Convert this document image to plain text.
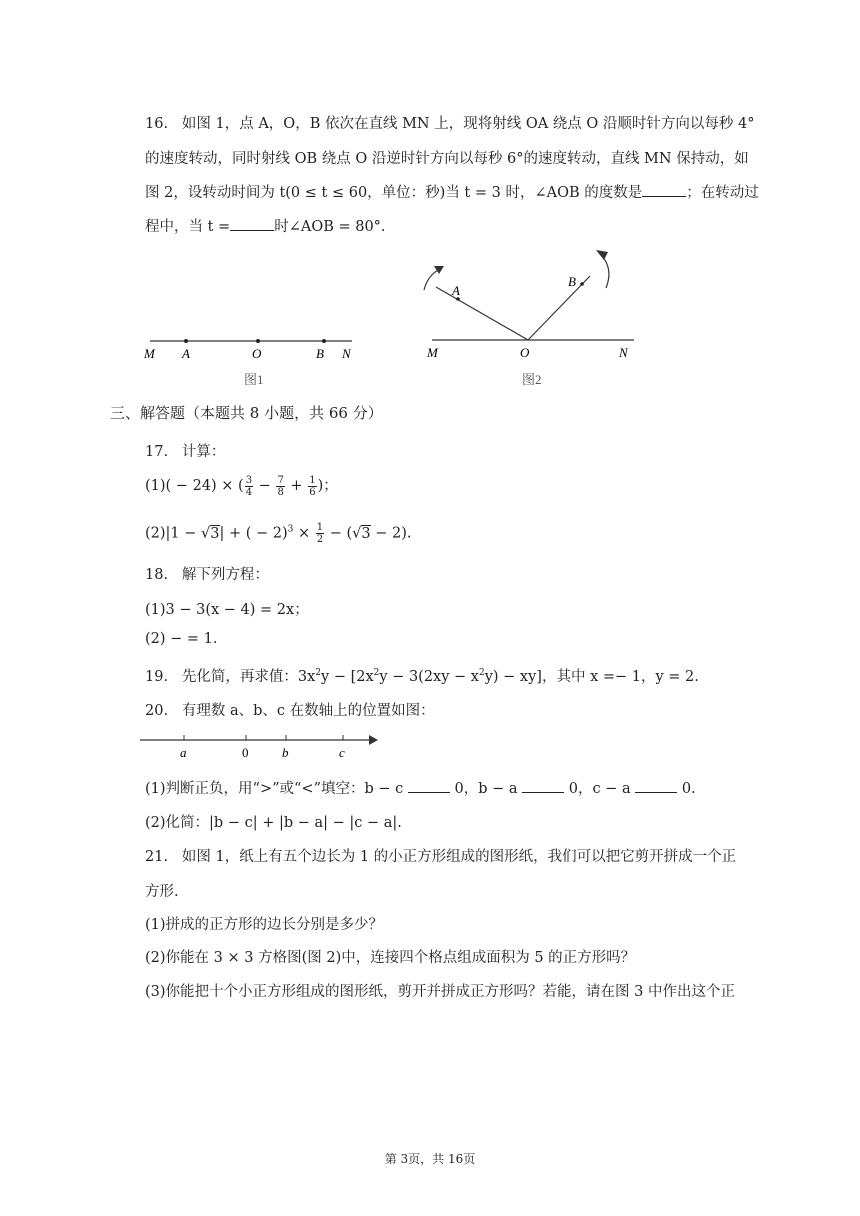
16. 如图 1，点 A，O，B 依次在直线 MN 上，现将射线 OA 绕点 O 沿顺时针方向以每秒 4°
的速度转动，同时射线 OB 绕点 O 沿逆时针方向以每秒 6°的速度转动，直线 MN 保持动，如
图 2，设转动时间为 t(0 ≤ t ≤ 60，单位：秒)当 t = 3 时，∠AOB 的度数是	；在转动过
程中，当 t =	时∠AOB = 80°.
M A	O	B N
图1
A
B
M	O	N
图2
三、解答题（本题共 8 小题，共 66 分）
17. 计算：
(1)( − 24) × ( $\frac{3}{4} - \frac{7}{8} + \frac{1}{6}$ )；
(2)|1 − √3| + ( − $2)^3 \times \frac{1}{2} - (√3 - 2)$.
18. 解下列方程：
(1)3 − 3(x − 4) = 2x；
(2) − = 1.
19. 先化简，再求值：$3x^2y - [2x^2y - 3(2xy - x^2y) - xy]$，其中 x =− 1，y = 2.
20. 有理数 a、b、c 在数轴上的位置如图：
a	0	b	c
(1)判断正负，用“>”或“<”填空：b − c	0，b − a	0，c − a	0.
(2)化简：|b − c| + |b − a| − |c − a|.
21. 如图 1，纸上有五个边长为 1 的小正方形组成的图形纸，我们可以把它剪开拼成一个正
方形.
(1)拼成的正方形的边长分别是多少？
(2)你能在 3 × 3 方格图(图 2)中，连接四个格点组成面积为 5 的正方形吗？
(3)你能把十个小正方形组成的图形纸，剪开并拼成正方形吗？若能，请在图 3 中作出这个正
第 3页，共 16页
